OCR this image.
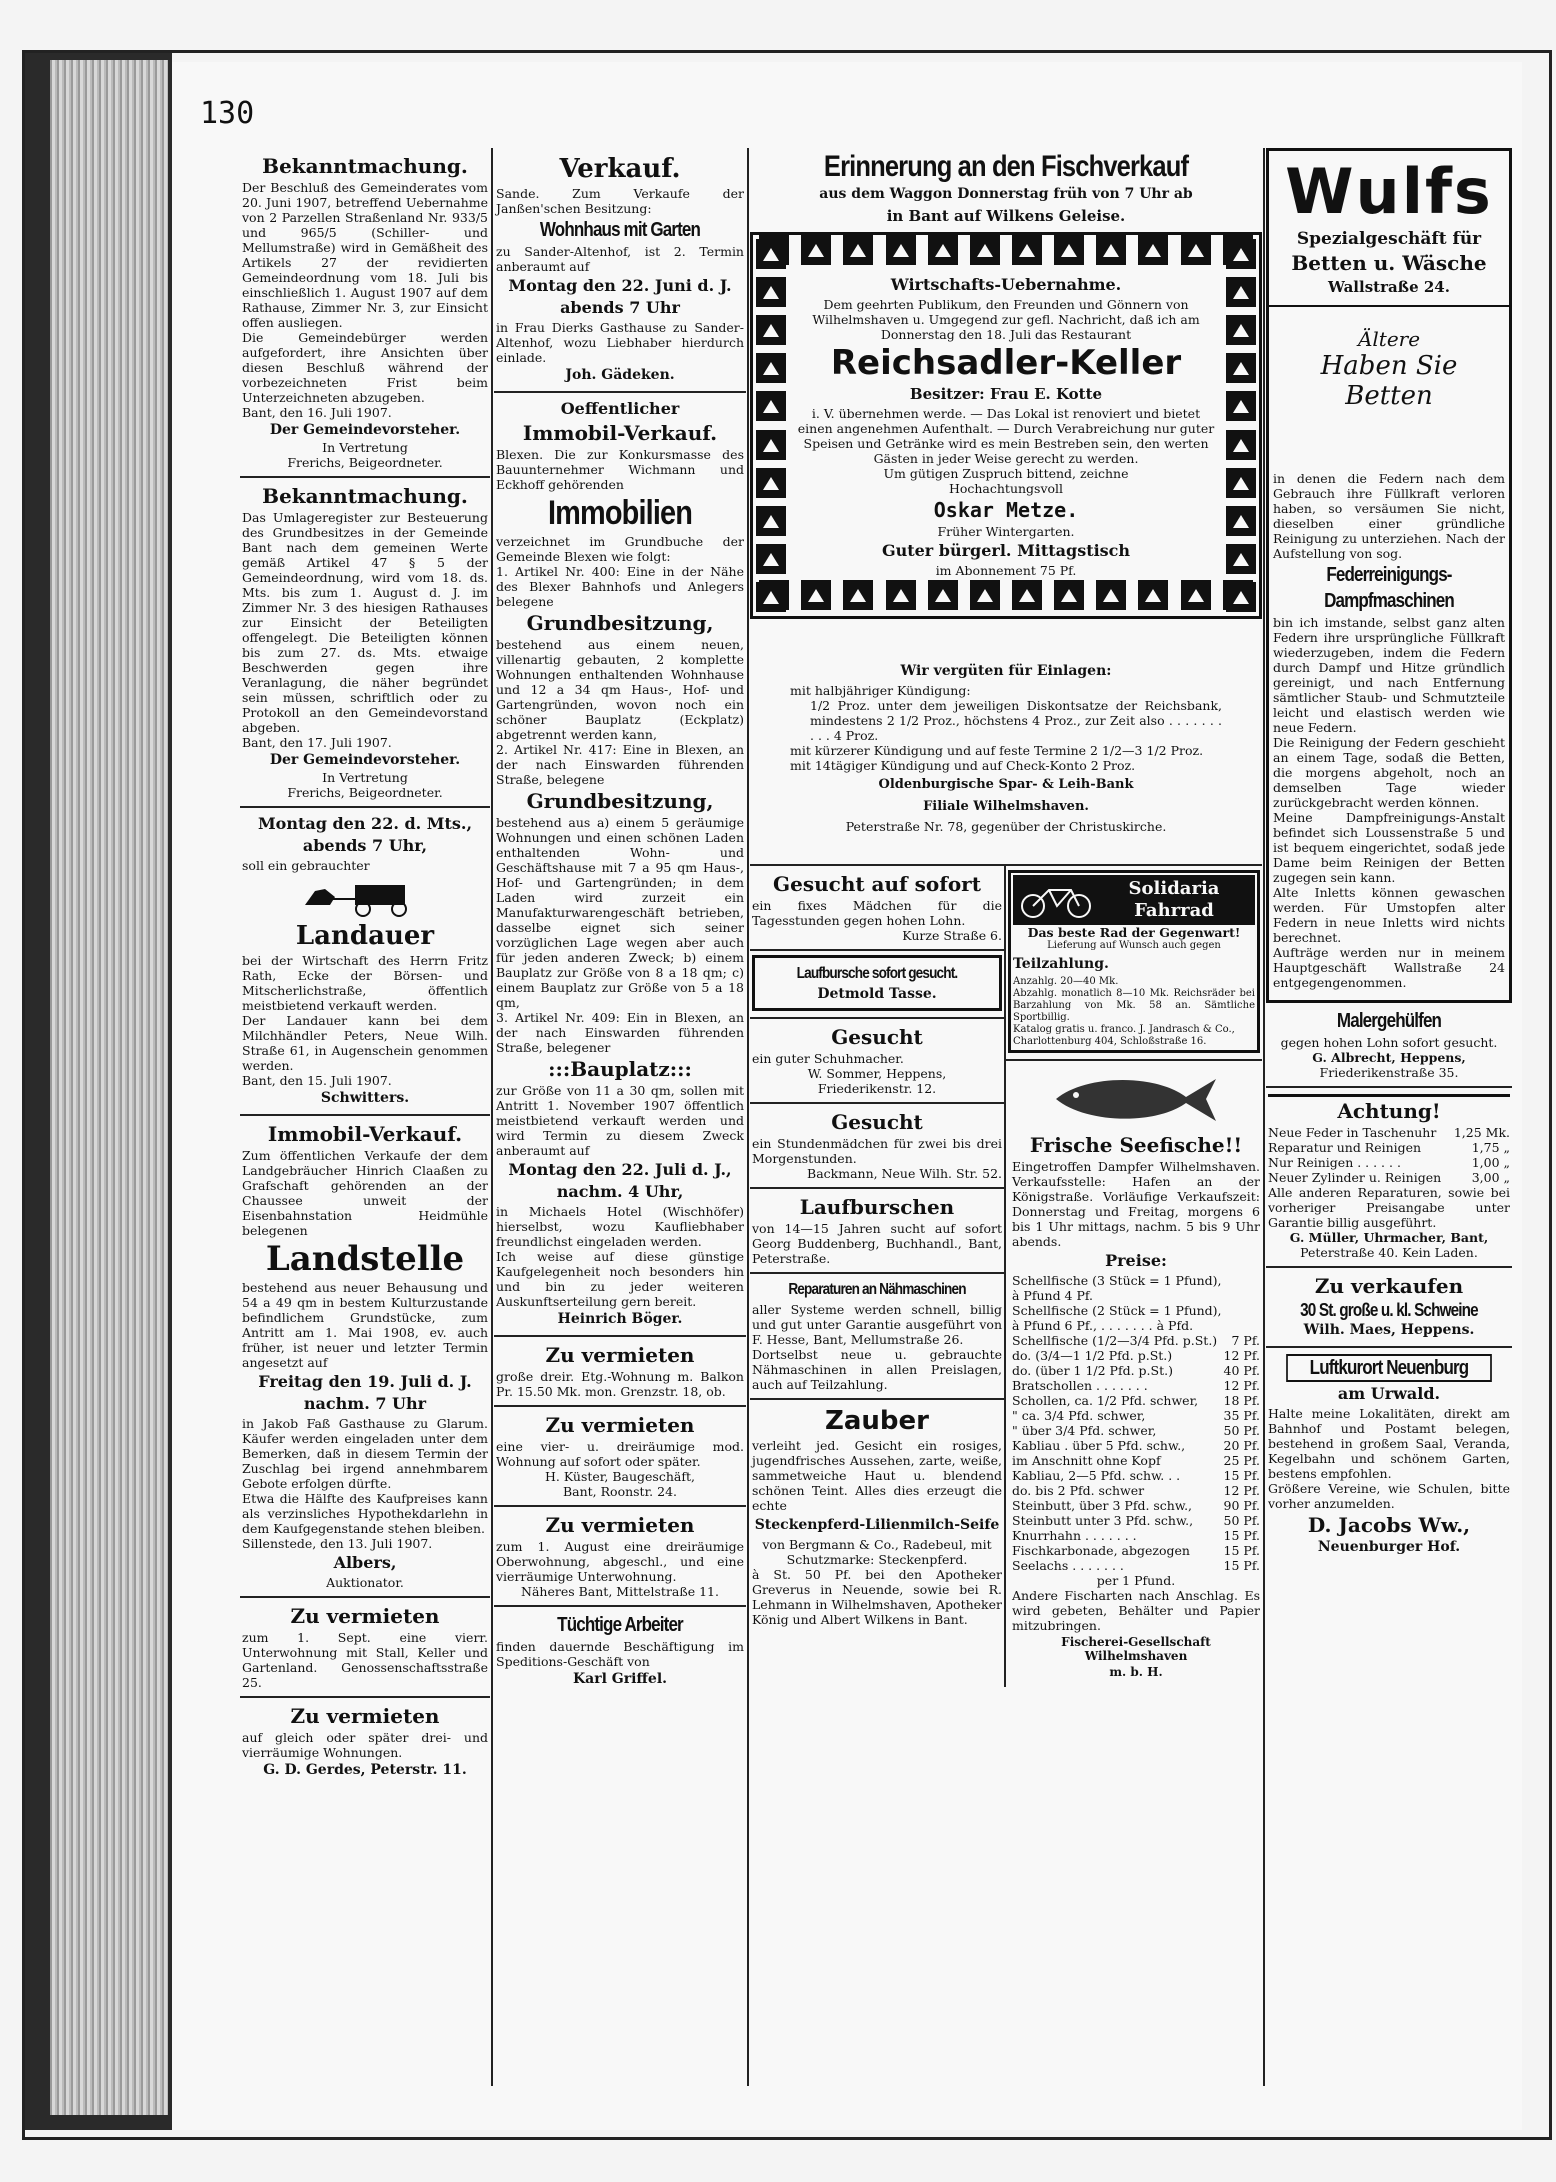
130
Bekanntmachung.

Der Beschluß des Gemeinderates vom 20. Juni 1907, betreffend Uebernahme von 2 Parzellen Straßenland Nr. 933/5 und 965/5 (Schiller- und Mellumstraße) wird in Gemäßheit des Artikels 27 der revidierten Gemeindeordnung vom 18. Juli bis einschließlich 1. August 1907 auf dem Rathause, Zimmer Nr. 3, zur Einsicht offen ausliegen.

Die Gemeindebürger werden aufgefordert, ihre Ansichten über diesen Beschluß während der vorbezeichneten Frist beim Unterzeichneten abzugeben.

Bant, den 16. Juli 1907.

Der Gemeindevorsteher.

In Vertretung

Frerichs, Beigeordneter.

Bekanntmachung.

Das Umlageregister zur Besteuerung des Grundbesitzes in der Gemeinde Bant nach dem gemeinen Werte gemäß Artikel 47 § 5 der Gemeindeordnung, wird vom 18. ds. Mts. bis zum 1. August d. J. im Zimmer Nr. 3 des hiesigen Rathauses zur Einsicht der Beteiligten offengelegt. Die Beteiligten können bis zum 27. ds. Mts. etwaige Beschwerden gegen ihre Veranlagung, die näher begründet sein müssen, schriftlich oder zu Protokoll an den Gemeindevorstand abgeben.

Bant, den 17. Juli 1907.

Der Gemeindevorsteher.

In Vertretung

Frerichs, Beigeordneter.

Montag den 22. d. Mts.,
abends 7 Uhr,

soll ein gebrauchter

Landauer

bei der Wirtschaft des Herrn Fritz Rath, Ecke der Börsen- und Mitscherlichstraße, öffentlich meistbietend verkauft werden.

Der Landauer kann bei dem Milchhändler Peters, Neue Wilh. Straße 61, in Augenschein genommen werden.

Bant, den 15. Juli 1907.

Schwitters.
Immobil-Verkauf.

Zum öffentlichen Verkaufe der dem Landgebräucher Hinrich Claaßen zu Grafschaft gehörenden an der Chaussee unweit der Eisenbahnstation Heidmühle belegenen

Landstelle

bestehend aus neuer Behausung und 54 a 49 qm in bestem Kulturzustande befindlichem Grundstücke, zum Antritt am 1. Mai 1908, ev. auch früher, ist neuer und letzter Termin angesetzt auf

Freitag den 19. Juli d. J.
nachm. 7 Uhr

in Jakob Faß Gasthause zu Glarum. Käufer werden eingeladen unter dem Bemerken, daß in diesem Termin der Zuschlag bei irgend annehmbarem Gebote erfolgen dürfte.

Etwa die Hälfte des Kaufpreises kann als verzinsliches Hypothekdarlehn in dem Kaufgegenstande stehen bleiben.

Sillenstede, den 13. Juli 1907.

Albers,

Auktionator.

Zu vermieten

zum 1. Sept. eine vierr. Unterwohnung mit Stall, Keller und Gartenland. Genossenschaftsstraße 25.

Zu vermieten

auf gleich oder später drei- und vierräumige Wohnungen.

G. D. Gerdes, Peterstr. 11.
Verkauf.

Sande. Zum Verkaufe der Janßen'schen Besitzung:

Wohnhaus mit Garten

zu Sander-Altenhof, ist 2. Termin anberaumt auf

Montag den 22. Juni d. J.
abends 7 Uhr

in Frau Dierks Gasthause zu Sander-Altenhof, wozu Liebhaber hierdurch einlade.

Joh. Gädeken.
Oeffentlicher
Immobil-Verkauf.

Blexen. Die zur Konkursmasse des Bauunternehmer Wichmann und Eckhoff gehörenden

Immobilien

verzeichnet im Grundbuche der Gemeinde Blexen wie folgt:

1. Artikel Nr. 400: Eine in der Nähe des Blexer Bahnhofs und Anlegers belegene

Grundbesitzung,

bestehend aus einem neuen, villenartig gebauten, 2 komplette Wohnungen enthaltenden Wohnhause und 12 a 34 qm Haus-, Hof- und Gartengründen, wovon noch ein schöner Bauplatz (Eckplatz) abgetrennt werden kann,

2. Artikel Nr. 417: Eine in Blexen, an der nach Einswarden führenden Straße, belegene

Grundbesitzung,

bestehend aus a) einem 5 geräumige Wohnungen und einen schönen Laden enthaltenden Wohn- und Geschäftshause mit 7 a 95 qm Haus-, Hof- und Gartengründen; in dem Laden wird zurzeit ein Manufakturwarengeschäft betrieben, dasselbe eignet sich seiner vorzüglichen Lage wegen aber auch für jeden anderen Zweck; b) einem Bauplatz zur Größe von 8 a 18 qm; c) einem Bauplatz zur Größe von 5 a 18 qm,

3. Artikel Nr. 409: Ein in Blexen, an der nach Einswarden führenden Straße, belegener

:::Bauplatz:::

zur Größe von 11 a 30 qm, sollen mit Antritt 1. November 1907 öffentlich meistbietend verkauft werden und wird Termin zu diesem Zweck anberaumt auf

Montag den 22. Juli d. J.,
nachm. 4 Uhr,

in Michaels Hotel (Wischhöfer) hierselbst, wozu Kaufliebhaber freundlichst eingeladen werden.

Ich weise auf diese günstige Kaufgelegenheit noch besonders hin und bin zu jeder weiteren Auskunftserteilung gern bereit.

Heinrich Böger.
Zu vermieten

große dreir. Etg.-Wohnung m. Balkon Pr. 15.50 Mk. mon. Grenzstr. 18, ob.

Zu vermieten

eine vier- u. dreiräumige mod. Wohnung auf sofort oder später.

H. Küster, Baugeschäft,

Bant, Roonstr. 24.

Zu vermieten

zum 1. August eine dreiräumige Oberwohnung, abgeschl., und eine vierräumige Unterwohnung.

Näheres Bant, Mittelstraße 11.

Tüchtige Arbeiter

finden dauernde Beschäftigung im Speditions-Geschäft von

Karl Griffel.
Erinnerung an den Fischverkauf
aus dem Waggon Donnerstag früh von 7 Uhr ab
in Bant auf Wilkens Geleise.
Wirtschafts-Uebernahme.

Dem geehrten Publikum, den Freunden und Gönnern von Wilhelmshaven u. Umgegend zur gefl. Nachricht, daß ich am Donnerstag den 18. Juli das Restaurant

Reichsadler-Keller
Besitzer: Frau E. Kotte

i. V. übernehmen werde. — Das Lokal ist renoviert und bietet einen angenehmen Aufenthalt. — Durch Verabreichung nur guter Speisen und Getränke wird es mein Bestreben sein, den werten Gästen in jeder Weise gerecht zu werden.

Um gütigen Zuspruch bittend, zeichne

Hochachtungsvoll

Oskar Metze.

Früher Wintergarten.

Guter bürgerl. Mittagstisch

im Abonnement 75 Pf.

Wir vergüten für Einlagen:

mit halbjähriger Kündigung:

1/2 Proz. unter dem jeweiligen Diskontsatze der Reichsbank, mindestens 2 1/2 Proz., höchstens 4 Proz., zur Zeit also . . . . . . . . . . 4 Proz.

mit kürzerer Kündigung und auf feste Termine 2 1/2—3 1/2 Proz.

mit 14tägiger Kündigung und auf Check-Konto 2 Proz.

Oldenburgische Spar- & Leih-Bank
Filiale Wilhelmshaven.

Peterstraße Nr. 78, gegenüber der Christuskirche.

Gesucht auf sofort

ein fixes Mädchen für die Tagesstunden gegen hohen Lohn.

Kurze Straße 6.

Laufbursche sofort gesucht.
Detmold Tasse.
Gesucht

ein guter Schuhmacher.

W. Sommer, Heppens,

Friederikenstr. 12.

Gesucht

ein Stundenmädchen für zwei bis drei Morgenstunden.

Backmann, Neue Wilh. Str. 52.

Laufburschen

von 14—15 Jahren sucht auf sofort Georg Buddenberg, Buchhandl., Bant, Peterstraße.

Reparaturen an Nähmaschinen

aller Systeme werden schnell, billig und gut unter Garantie ausgeführt von F. Hesse, Bant, Mellumstraße 26.

Dortselbst neue u. gebrauchte Nähmaschinen in allen Preislagen, auch auf Teilzahlung.

Zauber

verleiht jed. Gesicht ein rosiges, jugendfrisches Aussehen, zarte, weiße, sammetweiche Haut u. blendend schönen Teint. Alles dies erzeugt die echte

Steckenpferd-Lilienmilch-Seife

von Bergmann & Co., Radebeul, mit Schutzmarke: Steckenpferd.

à St. 50 Pf. bei den Apotheker Greverus in Neuende, sowie bei R. Lehmann in Wilhelmshaven, Apotheker König und Albert Wilkens in Bant.

Solidaria
Fahrrad
Das beste Rad der Gegenwart!
Lieferung auf Wunsch auch gegen
Teilzahlung.
Anzahlg. 20—40 Mk.
Abzahlg. monatlich 8—10 Mk. Reichsräder bei Barzahlung von Mk. 58 an. Sämtliche Sportbillig.
Katalog gratis u. franco. J. Jandrasch & Co.,
Charlottenburg 404, Schloßstraße 16.
Frische Seefische!!

Eingetroffen Dampfer Wilhelmshaven. Verkaufsstelle: Hafen an der Königstraße. Vorläufige Verkaufszeit: Donnerstag und Freitag, morgens 6 bis 1 Uhr mittags, nachm. 5 bis 9 Uhr abends.

Preise:
Schellfische (3 Stück = 1 Pfund),
à Pfund 4 Pf.
Schellfische (2 Stück = 1 Pfund),
à Pfund 6 Pf., . . . . . . . à Pfd.
Schellfische (1/2—3/4 Pfd. p.St.) 7 Pf.
do. (3/4—1 1/2 Pfd. p.St.)	12 Pf.
do. (über 1 1/2 Pfd. p.St.)	40 Pf.
Bratschollen . . . . . . .	12 Pf.
Schollen, ca. 1/2 Pfd. schwer, 18 Pf.
" ca. 3/4 Pfd. schwer,	35 Pf.
" über 3/4 Pfd. schwer,	50 Pf.
Kabliau . über 5 Pfd. schw.,	20 Pf.
im Anschnitt ohne Kopf	25 Pf.
Kabliau, 2—5 Pfd. schw. . .	15 Pf.
do. bis 2 Pfd. schwer	12 Pf.
Steinbutt, über 3 Pfd. schw.,	90 Pf.
Steinbutt unter 3 Pfd. schw., 50 Pf.
Knurrhahn . . . . . . .	15 Pf.
Fischkarbonade, abgezogen	15 Pf.
Seelachs . . . . . . .	15 Pf.

per 1 Pfund.

Andere Fischarten nach Anschlag. Es wird gebeten, Behälter und Papier mitzubringen.

Fischerei-Gesellschaft Wilhelmshaven
m. b. H.
Wulfs
Spezialgeschäft für
Betten u. Wäsche
Wallstraße 24.
Ältere
Haben Sie Betten

in denen die Federn nach dem Gebrauch ihre Füllkraft verloren haben, so versäumen Sie nicht, dieselben einer gründliche Reinigung zu unterziehen. Nach der Aufstellung von sog.

Federreinigungs-
Dampfmaschinen

bin ich imstande, selbst ganz alten Federn ihre ursprüngliche Füllkraft wiederzugeben, indem die Federn durch Dampf und Hitze gründlich gereinigt, und nach Entfernung sämtlicher Staub- und Schmutzteile leicht und elastisch werden wie neue Federn.

Die Reinigung der Federn geschieht an einem Tage, sodaß die Betten, die morgens abgeholt, noch an demselben Tage wieder zurückgebracht werden können.

Meine Dampfreinigungs-Anstalt befindet sich Loussenstraße 5 und ist bequem eingerichtet, sodaß jede Dame beim Reinigen der Betten zugegen sein kann.

Alte Inletts können gewaschen werden. Für Umstopfen alter Federn in neue Inletts wird nichts berechnet.

Aufträge werden nur in meinem Hauptgeschäft Wallstraße 24 entgegengenommen.

Malergehülfen

gegen hohen Lohn sofort gesucht.

G. Albrecht, Heppens,

Friederikenstraße 35.

Achtung!
Neue Feder in Taschenuhr 1,25 Mk.
Reparatur und Reinigen	1,75 „
Nur Reinigen . . . . . .	1,00 „
Neuer Zylinder u. Reinigen 3,00 „

Alle anderen Reparaturen, sowie bei vorheriger Preisangabe unter Garantie billig ausgeführt.

G. Müller, Uhrmacher, Bant,

Peterstraße 40. Kein Laden.

Zu verkaufen
30 St. große u. kl. Schweine
Wilh. Maes, Heppens.
Luftkurort Neuenburg
am Urwald.

Halte meine Lokalitäten, direkt am Bahnhof und Postamt belegen, bestehend in großem Saal, Veranda, Kegelbahn und schönem Garten, bestens empfohlen.

Größere Vereine, wie Schulen, bitte vorher anzumelden.

D. Jacobs Ww.,
Neuenburger Hof.
